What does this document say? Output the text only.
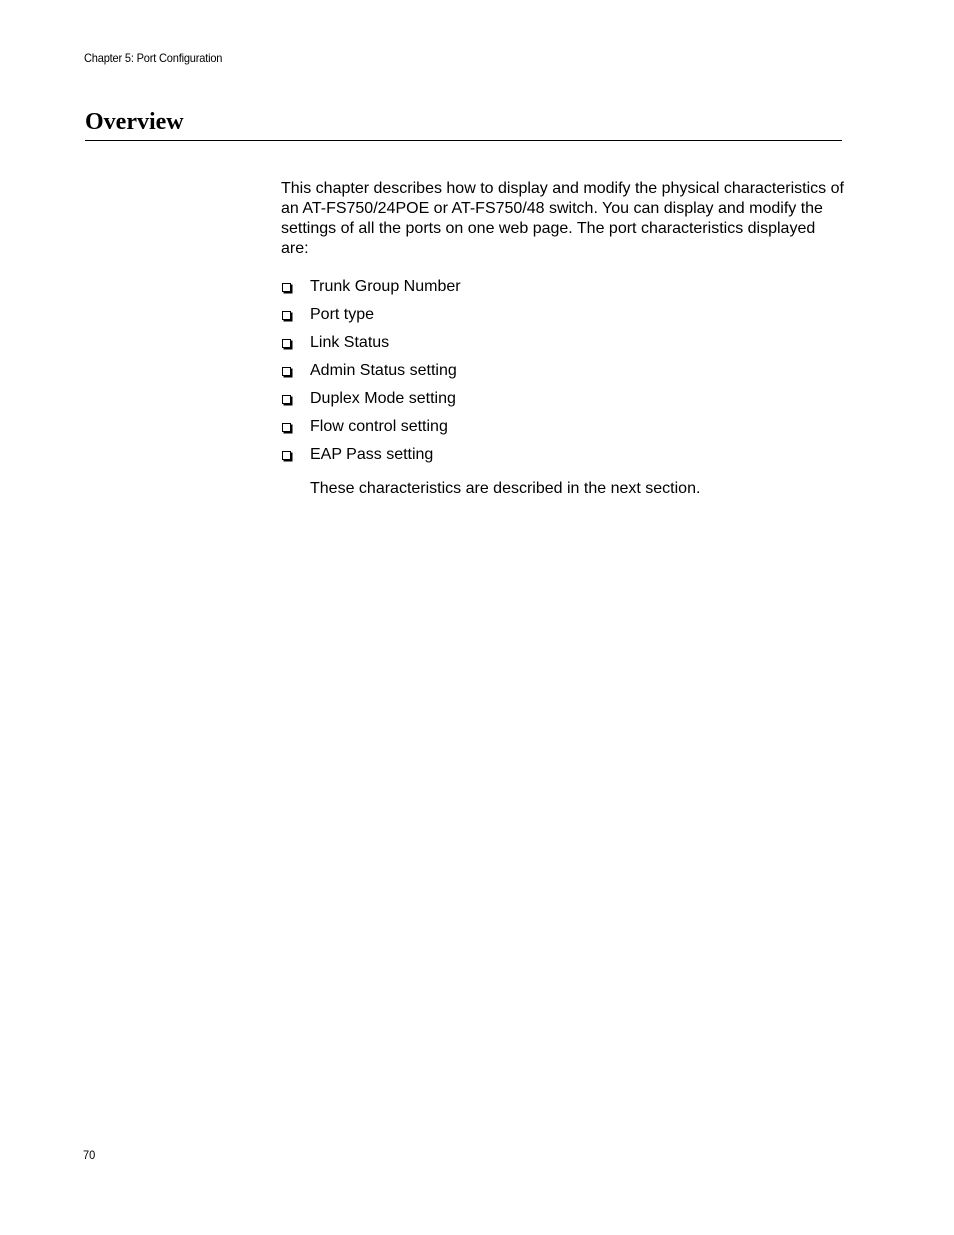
Chapter 5: Port Configuration
Overview

This chapter describes how to display and modify the physical characteristics of an AT-FS750/24POE or AT-FS750/48 switch. You can display and modify the settings of all the ports on one web page. The port characteristics displayed are:

Trunk Group Number
Port type
Link Status
Admin Status setting
Duplex Mode setting
Flow control setting
EAP Pass setting

These characteristics are described in the next section.

70
